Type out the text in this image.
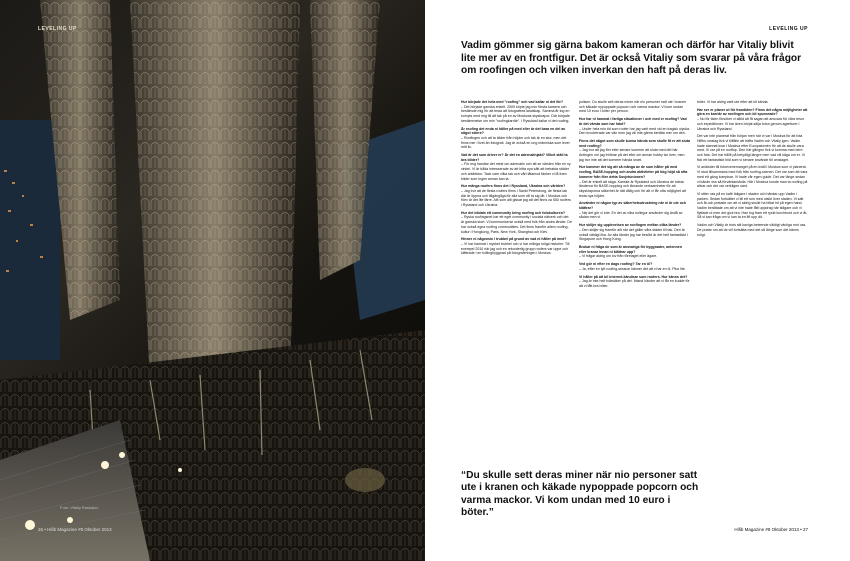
LEVELING UP
Foto: Vitaliy Raskalov
26 • Hifib Magazine #8 Oktober 2013
LEVELING UP
Vadim gömmer sig gärna bakom kameran och därför har Vitaliy blivit lite mer av en frontfigur. Det är också Vitaliy som svarar på våra frågor om roofingen och vilken inverkan den haft på deras liv.

Hur började det hela med "roofing" och vad kallar ni det för?
– Det började ganska enkelt. 2009 köpte jag min första kamera och bestämde mig för att testa att fotografera landskap. Samma år tog en kompis med mig till att tak på en av Moskvas skyskrapor. Där började bestämmelse om min "roofingkarriär". I Ryssland kallar vi det roofing.

Är roofing det enda ni håller på med eller är det bara en del av något större?
– Roofingen och att ta bilder från höjder och tak är en stor, men det finns mer i livet än fotografi. Jag är också en ung människa som lever mitt liv.

Vad är det som driver er? Är det en adrenalinjakt? Vilket ställ ta bra bilder?
– För mig handlar det mest om adrenalin och att se världen från en ny vinkel. Vi är båda intresserade av att hitta nya sätt att betrakta städer och arkitektur. Tack vare vilka tak och vårt tålamod tänker vi få fram bilder som ingen annan kan ta.

Hur många roofers finns det i Ryssland, Ukraina och världen?
– Jag tror att de flesta roofers finns i Sankt Petersburg, de flesta tak där är öppna och tillgängliga för alla som vill ta sig dit. I Moskva och Kiev är det lite färre. Allt som allt gissar jag att det finns ca 500 roofers i Ryssland och Ukraina.

Hur det bildats ett community kring roofing och fotokulturen?
– Ryska roofingsnet har ett eget community i sociala nätverk och det är ganska stort. Vi kommunicerar också med folk från andra länder. De har också egna roofing communities. Det finns framför allem roofing-kultur i Hongkong, Paris, New York, Shanghai och Kiev.

Hinner ni någonsin i trubbel på grund av vad ni håller på med?
– Vi har hamnat i mycket trubbel och vi har många roliga historier. Till exempel 2010 när jag och en rekorderlig grupp roofers var uppe och klättrade i en tvillingbyggnad på fotograferingen i Moskva.

polisen. Du skulle sett deras miner när nio personer satt ute i kranen och käkade nypoppade popcorn och varma mackor. Vi kom undan med 10 euro i böter per person.

Hur har ni hamnat i farliga situationer i och med er roofing? Vad är det värsta som har hänt?
– Under hela min tid som roofer har jag varit med vid en tragisk olycka. Den involverade var vän men jag vill inte gärna berätta mer om den.

Finns det något som skulle kunna hända som skulle få er att sluta med roofing?
– Jag tror att jag förr eller senare kommer att sluta med det här. Antingen om jag tröttnar på det eller om annan hobby tar över, men jag tror inte att det kommer hända snart.

Hur kommer det sig att så många av de som håller på med roofing, BASE-hopping och andra aktiviteter på hög höjd så ofta kommer från före detta Sovjetunionen?
– Det är enkelt att säga. Kanske är Ryssland och Ukraina de bästa länderna för BASE-hopping och liknande verksamheter för att skyskraporna säkerhet är rätt dålig och för att vi får ofta möjlighet att testa nya höjder.

Använder ni någon typ av säkerhetsutrustning när ni är ute och klättrar?
– Nej det gör vi inte. En del av våra kollegor använder sig ändå av sådan men vi.

Hur skiljer sig upplevelsen av roofingen mellan olika länder?
– Den skiljer sig framför allt när det gäller våra städer till tak. Den är också väldigt lika. Av alla länder jag har besökt är det helt fantastiskt i Singapore och Hong Kong.

Brukar ni fråga de som är ansvariga för byggnader, antennen eller kranar innan ni klättrar upp?
– Vi frågar aldrig om lov från företaget eller ägare.

Ved gör ni efter en dags roofing? Tar en öl?
– Ja, efter en lyft roofing-session känner det att vi tar en öl. Plus lite.

Vi håller på att bli internet-kändisar som roofers. Hur känns det?
– Jag är inte helt tvärsäker på det. Ibland händer att vi får en kudde för att vi fått bra böter.

böter. Vi har aldrig varit ute efter att bli kända.

Har ser er planer ut för framtiden? Finns det några möjligheter att göra en karriär av roofingen och bli sponsrade?
– Nu för tiden försöker vi alltid att få sagan att ansvara för våra resor och expeditioner. Vi har även börjat sälja foton genom agenturer i Ukraina och Ryssland.

Det var inte planerat från början men när vi var i Moskva för att fota Hifibs omslag fick vi tillfälle att träffa Vadim och Vitaliy igen. Vadim hade stannat kvar i Moskva efter Europaturnén för att de skulle vara med. Vi var på en rooftop. Den här gången fick vi komma med dem och fota. Det har hållit på betydligt längre men vad vill säga om er. Vi fick ett fantastiskt bild som vi senare använde till omslaget.

Vi anländer till fotoevenemanget på en kväll i Moskva som vi planerat. Vi stod tillsammans med folk från roofing-scenen. Det var som att vara med ett gäng kompisar. Vi hade vår egen guide. Det var länge sedan vi kände oss så förväntansfulla. Här i Moskva kunde man ta roofing på allvar och det var verkligen sant.

Vi sitter oss på en kafé tidigare i staden och hämtar upp Vadim i parken. Sedan fortsätter vi till ett rum med utsikt över staden. Vi satt och åt och pratade om att vi aldrig skulle ha hittat hit på egen hand. Vadim berättade om att vi inte hade fått uppdrag här tidigare och vi flyttade ut men det gick bra. Han tog fram ett ryskt lunchbord och vi åt. Så vi kan fråga om vi kan ta en lift upp dit.

Vadim och Vitaliy är trots sitt kaxiga beteende väldigt vänliga mot oss. De pratar om att de vill fortsätta med det så länge som det känns roligt.

“Du skulle sett deras miner när nio personer satt ute i kranen och käkade nypoppade popcorn och varma mackor. Vi kom undan med 10 euro i böter.”
Hifib Magazine #8 Oktober 2013 • 27
